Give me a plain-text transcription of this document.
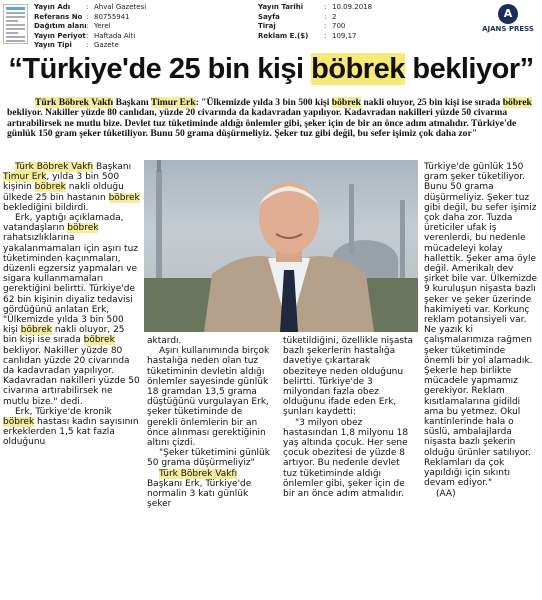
Yayın Adı	: Ahval Gazetesi
Referans No : 80755941
Dağıtım alanı : Yerel
Yayın Periyot : Haftada Altı
Yayın Tipi	: Gazete
Yayın Tarihi	: 10.09.2018
Sayfa	: 2
Tiraj	: 700
Reklam E.($)	: 109,17
A
AJANS PRESS
“Türkiye'de 25 bin kişi böbrek bekliyor”

Türk Böbrek Vakfı Başkanı Timur Erk: "Ülkemizde yılda 3 bin 500 kişi böbrek nakli oluyor, 25 bin kişi ise sırada böbrek bekliyor. Nakiller yüzde 80 canlıdan, yüzde 20 civarında da kadavradan yapılıyor. Kadavradan nakilleri yüzde 50 civarına artırabilirsek ne mutlu bize. Devlet tuz tüketiminde aldığı önlemler gibi, şeker için de bir an önce adım atmalıdır. Türkiye'de günlük 150 gram şeker tüketiliyor. Bunu 50 grama düşürmeliyiz. Şeker tuz gibi değil, bu sefer işimiz çok daha zor"

Türk Böbrek Vakfı Başkanı Timur Erk, yılda 3 bin 500 kişinin böbrek nakli olduğu ülkede 25 bin hastanın böbrek beklediğini bildirdi.

Erk, yaptığı açıklamada, vatandaşların böbrek rahatsızlıklarına yakalanmamaları için aşırı tuz tüketiminden kaçınmaları, düzenli egzersiz yapmaları ve sigara kullanmamaları gerektiğini belirtti. Türkiye'de 62 bin kişinin diyaliz tedavisi gördüğünü anlatan Erk, "Ülkemizde yılda 3 bin 500 kişi böbrek nakli oluyor, 25 bin kişi ise sırada böbrek bekliyor. Nakiller yüzde 80 canlıdan yüzde 20 civarında da kadavradan yapılıyor. Kadavradan nakilleri yüzde 50 civarına artırabilirsek ne mutlu bize." dedi.

Erk, Türkiye'de kronik böbrek hastası kadın sayısının erkeklerden 1,5 kat fazla olduğunu

aktardı.

Aşırı kullanımında birçok hastalığa neden olan tuz tüketiminin devletin aldığı önlemler sayesinde günlük 18 gramdan 13,5 grama düştüğünü vurgulayan Erk, şeker tüketiminde de gerekli önlemlerin bir an önce alınması gerektiğinin altını çizdi.

"Şeker tüketimini günlük 50 grama düşürmeliyiz"

Türk Böbrek Vakfı Başkanı Erk, Türkiye'de normalin 3 katı günlük şeker

tüketildiğini, özellikle nişasta bazlı şekerlerin hastalığa davetiye çıkartarak obeziteye neden olduğunu belirtti. Türkiye'de 3 milyondan fazla obez olduğunu ifade eden Erk, şunları kaydetti:

"3 milyon obez hastasından 1,8 milyonu 18 yaş altında çocuk. Her sene çocuk obezitesi de yüzde 8 artıyor. Bu nedenle devlet tuz tüketiminde aldığı önlemler gibi, şeker için de bir an önce adım atmalıdır.

Türkiye'de günlük 150 gram şeker tüketiliyor. Bunu 50 grama düşürmeliyiz. Şeker tuz gibi değil, bu sefer işimiz çok daha zor. Tuzda üreticiler ufak iş verenlerdi, bu nedenle mücadeleyi kolay hallettik. Şeker ama öyle değil. Amerikalı dev şirket bile var. Ülkemizde 9 kuruluşun nişasta bazlı şeker ve şeker üzerinde hakimiyeti var. Korkunç reklam potansiyeli var. Ne yazık ki çalışmalarımıza rağmen şeker tüketiminde önemli bir yol alamadık. Şekerle hep birlikte mücadele yapmamız gerekiyor. Reklam kısıtlamalarına gidildi ama bu yetmez. Okul kantinlerinde hala o süslü, ambalajlarda nişasta bazlı şekerin olduğu ürünler satılıyor. Reklamları da çok yapıldığı için sıkıntı devam ediyor."

(AA)
